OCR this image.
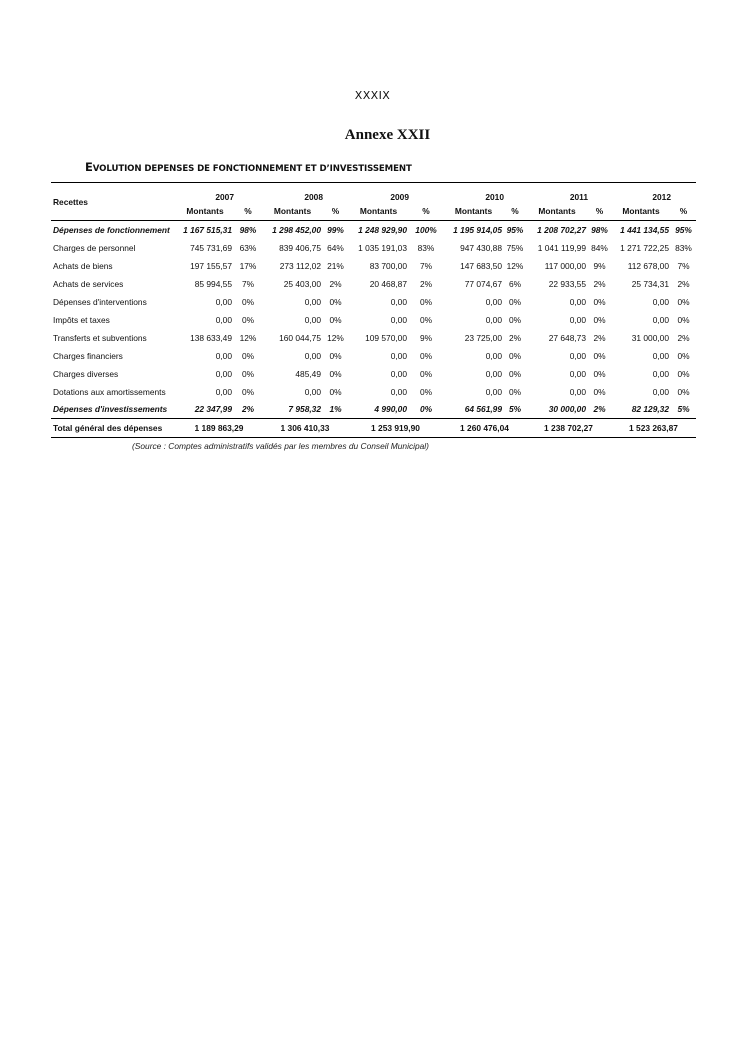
XXXIX
Annexe XXII
EVOLUTION DEPENSES DE FONCTIONNEMENT ET D’INVESTISSEMENT
Recettes	2007		2008		2009		2010		2011		2012	
	Montants	%	Montants	%	Montants	%	Montants	%	Montants	%	Montants	%
Dépenses de fonctionnement	1 167 515,31	98%	1 298 452,00	99%	1 248 929,90	100%	1 195 914,05	95%	1 208 702,27	98%	1 441 134,55	95%
Charges de personnel	745 731,69	63%	839 406,75	64%	1 035 191,03	83%	947 430,88	75%	1 041 119,99	84%	1 271 722,25	83%
Achats de biens	197 155,57	17%	273 112,02	21%	83 700,00	7%	147 683,50	12%	117 000,00	9%	112 678,00	7%
Achats de services	85 994,55	7%	25 403,00	2%	20 468,87	2%	77 074,67	6%	22 933,55	2%	25 734,31	2%
Dépenses d'interventions	0,00	0%	0,00	0%	0,00	0%	0,00	0%	0,00	0%	0,00	0%
Impôts et taxes	0,00	0%	0,00	0%	0,00	0%	0,00	0%	0,00	0%	0,00	0%
Transferts et subventions	138 633,49	12%	160 044,75	12%	109 570,00	9%	23 725,00	2%	27 648,73	2%	31 000,00	2%
Charges financiers	0,00	0%	0,00	0%	0,00	0%	0,00	0%	0,00	0%	0,00	0%
Charges diverses	0,00	0%	485,49	0%	0,00	0%	0,00	0%	0,00	0%	0,00	0%
Dotations aux amortissements	0,00	0%	0,00	0%	0,00	0%	0,00	0%	0,00	0%	0,00	0%
Dépenses d'investissements	22 347,99	2%	7 958,32	1%	4 990,00	0%	64 561,99	5%	30 000,00	2%	82 129,32	5%
Total général des dépenses	1 189 863,29		1 306 410,33		1 253 919,90		1 260 476,04		1 238 702,27		1 523 263,87	
(Source : Comptes administratifs validés par les membres du Conseil Municipal)
